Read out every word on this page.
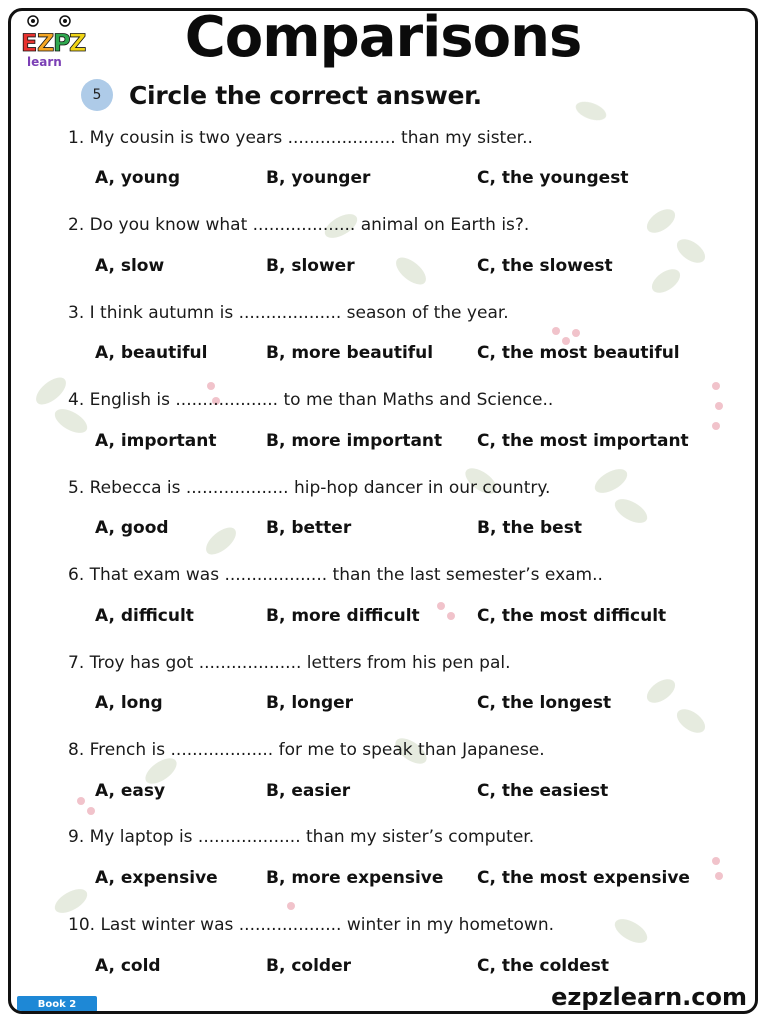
E Z
P
Z
learn	Comparisons
5	Circle the correct answer.
1. My cousin is two years .................... than my sister..
A, young	B, younger	C, the youngest
2. Do you know what ................... animal on Earth is?.
A, slow	B, slower	C, the slowest
3. I think autumn is ................... season of the year.
A, beautiful	B, more beautiful	C, the most beautiful
4. English is ................... to me than Maths and Science..
A, important	B, more important C, the most important
5. Rebecca is ................... hip-hop dancer in our country.
A, good	B, better	B, the best
6. That exam was ................... than the last semester’s exam..
A, difficult	B, more difficult	C, the most difficult
7. Troy has got ................... letters from his pen pal.
A, long	B, longer	C, the longest
8. French is ................... for me to speak than Japanese.
A, easy	B, easier	C, the easiest
9. My laptop is ................... than my sister’s computer.
A, expensive	B, more expensive C, the most expensive
10. Last winter was ................... winter in my hometown.
A, cold	B, colder	C, the coldest
Book 2	ezpzlearn.com
